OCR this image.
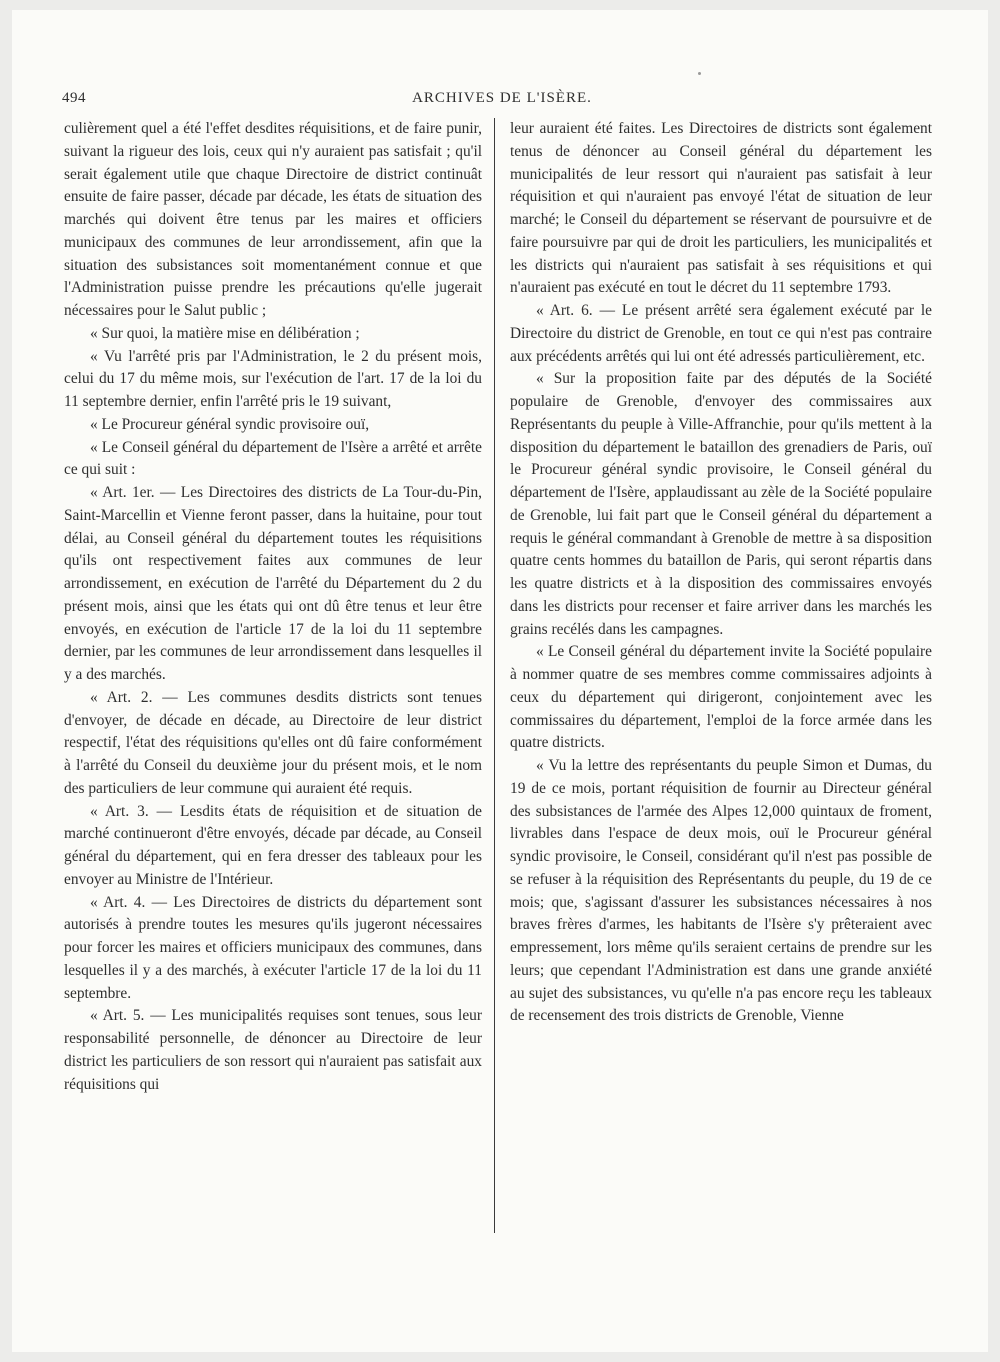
494	ARCHIVES DE L'ISÈRE.

culièrement quel a été l'effet desdites réquisitions, et de faire punir, suivant la rigueur des lois, ceux qui n'y auraient pas satisfait ; qu'il serait également utile que chaque Directoire de district continuât ensuite de faire passer, décade par décade, les états de situation des marchés qui doivent être tenus par les maires et officiers municipaux des communes de leur arrondissement, afin que la situation des subsistances soit momentanément connue et que l'Administration puisse prendre les précautions qu'elle jugerait nécessaires pour le Salut public ;

« Sur quoi, la matière mise en délibération ;

« Vu l'arrêté pris par l'Administration, le 2 du présent mois, celui du 17 du même mois, sur l'exécution de l'art. 17 de la loi du 11 septembre dernier, enfin l'arrêté pris le 19 suivant,

« Le Procureur général syndic provisoire ouï,

« Le Conseil général du département de l'Isère a arrêté et arrête ce qui suit :

« Art. 1er. — Les Directoires des districts de La Tour-du-Pin, Saint-Marcellin et Vienne feront passer, dans la huitaine, pour tout délai, au Conseil général du département toutes les réquisitions qu'ils ont respectivement faites aux communes de leur arrondissement, en exécution de l'arrêté du Département du 2 du présent mois, ainsi que les états qui ont dû être tenus et leur être envoyés, en exécution de l'article 17 de la loi du 11 septembre dernier, par les communes de leur arrondissement dans lesquelles il y a des marchés.

« Art. 2. — Les communes desdits districts sont tenues d'envoyer, de décade en décade, au Directoire de leur district respectif, l'état des réquisitions qu'elles ont dû faire conformément à l'arrêté du Conseil du deuxième jour du présent mois, et le nom des particuliers de leur commune qui auraient été requis.

« Art. 3. — Lesdits états de réquisition et de situation de marché continueront d'être envoyés, décade par décade, au Conseil général du département, qui en fera dresser des tableaux pour les envoyer au Ministre de l'Intérieur.

« Art. 4. — Les Directoires de districts du département sont autorisés à prendre toutes les mesures qu'ils jugeront nécessaires pour forcer les maires et officiers municipaux des communes, dans lesquelles il y a des marchés, à exécuter l'article 17 de la loi du 11 septembre.

« Art. 5. — Les municipalités requises sont tenues, sous leur responsabilité personnelle, de dénoncer au Directoire de leur district les particuliers de son ressort qui n'auraient pas satisfait aux réquisitions qui

leur auraient été faites. Les Directoires de districts sont également tenus de dénoncer au Conseil général du département les municipalités de leur ressort qui n'auraient pas satisfait à leur réquisition et qui n'auraient pas envoyé l'état de situation de leur marché; le Conseil du département se réservant de poursuivre et de faire poursuivre par qui de droit les particuliers, les municipalités et les districts qui n'auraient pas satisfait à ses réquisitions et qui n'auraient pas exécuté en tout le décret du 11 septembre 1793.

« Art. 6. — Le présent arrêté sera également exécuté par le Directoire du district de Grenoble, en tout ce qui n'est pas contraire aux précédents arrêtés qui lui ont été adressés particulièrement, etc.

« Sur la proposition faite par des députés de la Société populaire de Grenoble, d'envoyer des commissaires aux Représentants du peuple à Ville-Affranchie, pour qu'ils mettent à la disposition du département le bataillon des grenadiers de Paris, ouï le Procureur général syndic provisoire, le Conseil général du département de l'Isère, applaudissant au zèle de la Société populaire de Grenoble, lui fait part que le Conseil général du département a requis le général commandant à Grenoble de mettre à sa disposition quatre cents hommes du bataillon de Paris, qui seront répartis dans les quatre districts et à la disposition des commissaires envoyés dans les districts pour recenser et faire arriver dans les marchés les grains recélés dans les campagnes.

« Le Conseil général du département invite la Société populaire à nommer quatre de ses membres comme commissaires adjoints à ceux du département qui dirigeront, conjointement avec les commissaires du département, l'emploi de la force armée dans les quatre districts.

« Vu la lettre des représentants du peuple Simon et Dumas, du 19 de ce mois, portant réquisition de fournir au Directeur général des subsistances de l'armée des Alpes 12,000 quintaux de froment, livrables dans l'espace de deux mois, ouï le Procureur général syndic provisoire, le Conseil, considérant qu'il n'est pas possible de se refuser à la réquisition des Représentants du peuple, du 19 de ce mois; que, s'agissant d'assurer les subsistances nécessaires à nos braves frères d'armes, les habitants de l'Isère s'y prêteraient avec empressement, lors même qu'ils seraient certains de prendre sur les leurs; que cependant l'Administration est dans une grande anxiété au sujet des subsistances, vu qu'elle n'a pas encore reçu les tableaux de recensement des trois districts de Grenoble, Vienne
